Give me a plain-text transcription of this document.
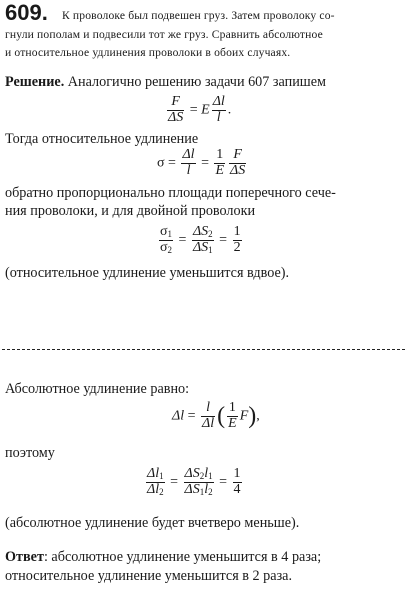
609. К проволоке был подвешен груз. Затем проволоку со-
гнули пополам и подвесили тот же груз. Сравнить абсолютное
и относительное удлинения проволоки в обоих случаях.
Решение. Аналогично решению задачи 607 запишем
$\frac{F}{\Delta S} = E \frac{\Delta l}{l}$ .
Тогда относительное удлинение
$\sigma = \frac{\Delta l}{l} = \frac{1}{E} \frac{F}{\Delta S}$
обратно пропорционально площади поперечного сече-
ния проволоки, и для двойной проволоки
$\frac{\sigma_1}{\sigma_2} = \frac{\Delta S_2}{\Delta S_1} = \frac{1}{2}$
(относительное удлинение уменьшится вдвое).
Абсолютное удлинение равно:
$\Delta l = \frac{l}{\Delta l}$ ( $\frac{1}{E} F$),
поэтому
$\frac{\Delta l_1}{\Delta l_2} = \frac{\Delta S_2l_1}{\Delta S_1l_2} = \frac{1}{4}$
(абсолютное удлинение будет вчетверо меньше).
Ответ: абсолютное удлинение уменьшится в 4 раза;
относительное удлинение уменьшится в 2 раза.
